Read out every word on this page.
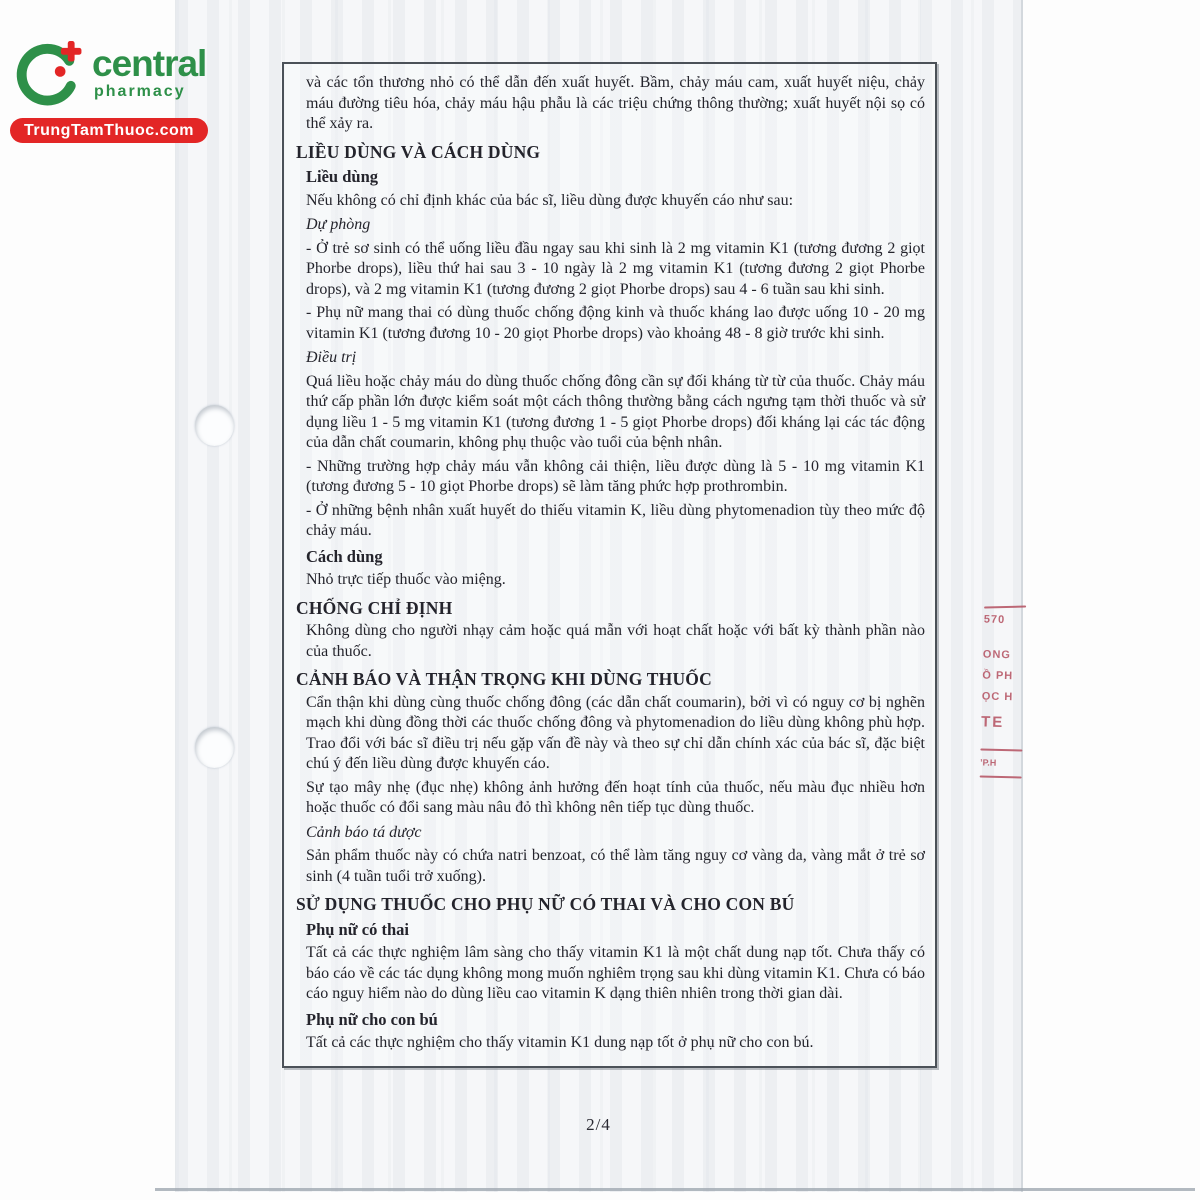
và các tổn thương nhỏ có thể dẫn đến xuất huyết. Bầm, chảy máu cam, xuất huyết niệu, chảy máu đường tiêu hóa, chảy máu hậu phẫu là các triệu chứng thông thường; xuất huyết nội sọ có thể xảy ra.
LIỀU DÙNG VÀ CÁCH DÙNG
Liều dùng
Nếu không có chỉ định khác của bác sĩ, liều dùng được khuyến cáo như sau:
Dự phòng
- Ở trẻ sơ sinh có thể uống liều đầu ngay sau khi sinh là 2 mg vitamin K1 (tương đương 2 giọt Phorbe drops), liều thứ hai sau 3 - 10 ngày là 2 mg vitamin K1 (tương đương 2 giọt Phorbe drops), và 2 mg vitamin K1 (tương đương 2 giọt Phorbe drops) sau 4 - 6 tuần sau khi sinh.
- Phụ nữ mang thai có dùng thuốc chống động kinh và thuốc kháng lao được uống 10 - 20 mg vitamin K1 (tương đương 10 - 20 giọt Phorbe drops) vào khoảng 48 - 8 giờ trước khi sinh.
Điều trị
Quá liều hoặc chảy máu do dùng thuốc chống đông cần sự đối kháng từ từ của thuốc. Chảy máu thứ cấp phần lớn được kiểm soát một cách thông thường bằng cách ngưng tạm thời thuốc và sử dụng liều 1 - 5 mg vitamin K1 (tương đương 1 - 5 giọt Phorbe drops) đối kháng lại các tác động của dẫn chất coumarin, không phụ thuộc vào tuổi của bệnh nhân.
- Những trường hợp chảy máu vẫn không cải thiện, liều được dùng là 5 - 10 mg vitamin K1 (tương đương 5 - 10 giọt Phorbe drops) sẽ làm tăng phức hợp prothrombin.
- Ở những bệnh nhân xuất huyết do thiếu vitamin K, liều dùng phytomenadion tùy theo mức độ chảy máu.
Cách dùng
Nhỏ trực tiếp thuốc vào miệng.
CHỐNG CHỈ ĐỊNH
Không dùng cho người nhạy cảm hoặc quá mẫn với hoạt chất hoặc với bất kỳ thành phần nào của thuốc.
CẢNH BÁO VÀ THẬN TRỌNG KHI DÙNG THUỐC
Cẩn thận khi dùng cùng thuốc chống đông (các dẫn chất coumarin), bởi vì có nguy cơ bị nghẽn mạch khi dùng đồng thời các thuốc chống đông và phytomenadion do liều dùng không phù hợp. Trao đổi với bác sĩ điều trị nếu gặp vấn đề này và theo sự chỉ dẫn chính xác của bác sĩ, đặc biệt chú ý đến liều dùng được khuyến cáo.
Sự tạo mây nhẹ (đục nhẹ) không ảnh hưởng đến hoạt tính của thuốc, nếu màu đục nhiều hơn hoặc thuốc có đổi sang màu nâu đỏ thì không nên tiếp tục dùng thuốc.
Cảnh báo tá dược
Sản phẩm thuốc này có chứa natri benzoat, có thể làm tăng nguy cơ vàng da, vàng mắt ở trẻ sơ sinh (4 tuần tuổi trở xuống).
SỬ DỤNG THUỐC CHO PHỤ NỮ CÓ THAI VÀ CHO CON BÚ
Phụ nữ có thai
Tất cả các thực nghiệm lâm sàng cho thấy vitamin K1 là một chất dung nạp tốt. Chưa thấy có báo cáo về các tác dụng không mong muốn nghiêm trọng sau khi dùng vitamin K1. Chưa có báo cáo nguy hiểm nào do dùng liều cao vitamin K dạng thiên nhiên trong thời gian dài.
Phụ nữ cho con bú
Tất cả các thực nghiệm cho thấy vitamin K1 dung nạp tốt ở phụ nữ cho con bú.
570
ONG
Ồ PH
ỌC H
TE
ʼP.H
2/4
central
pharmacy
TrungTamThuoc.com
